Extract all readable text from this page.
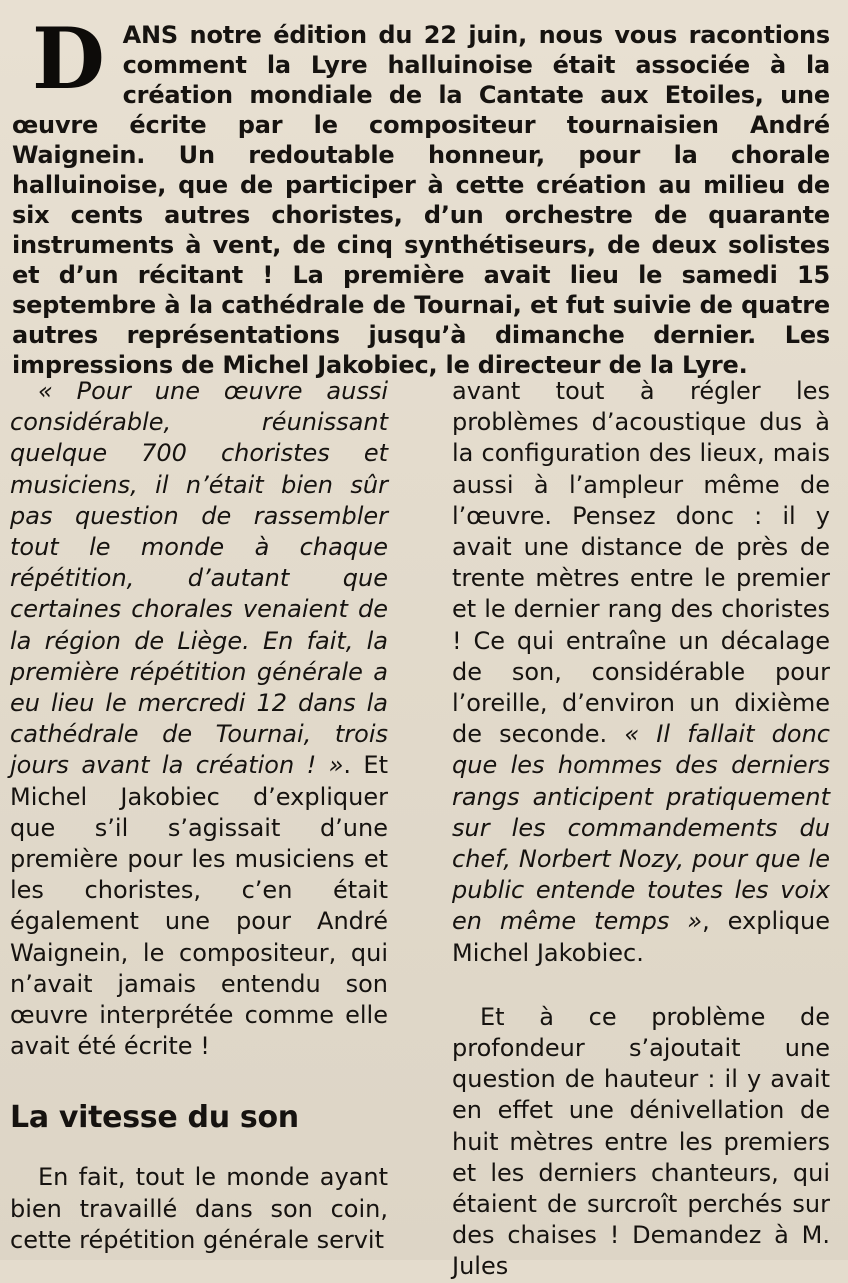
D ANS notre édition du 22 juin, nous vous racontions comment la Lyre halluinoise était associée à la création mondiale de la Cantate aux Etoiles, une œuvre écrite par le compositeur tournaisien André Waignein. Un redoutable honneur, pour la chorale halluinoise, que de participer à cette création au milieu de six cents autres choristes, d’un orchestre de quarante instruments à vent, de cinq synthétiseurs, de deux solistes et d’un récitant ! La première avait lieu le samedi 15 septembre à la cathédrale de Tournai, et fut suivie de quatre autres représentations jusqu’à dimanche dernier. Les impressions de Michel Jakobiec, le directeur de la Lyre.

« Pour une œuvre aussi considérable, réunissant quelque 700 choristes et musiciens, il n’était bien sûr pas question de rassembler tout le monde à chaque répétition, d’autant que certaines chorales venaient de la région de Liège. En fait, la première répétition générale a eu lieu le mercredi 12 dans la cathédrale de Tournai, trois jours avant la création ! ». Et Michel Jakobiec d’expliquer que s’il s’agissait d’une première pour les musiciens et les choristes, c’en était également une pour André Waignein, le compositeur, qui n’avait jamais entendu son œuvre interprétée comme elle avait été écrite !

La vitesse du son

En fait, tout le monde ayant bien travaillé dans son coin, cette répétition générale servit

avant tout à régler les problèmes d’acoustique dus à la configuration des lieux, mais aussi à l’ampleur même de l’œuvre. Pensez donc : il y avait une distance de près de trente mètres entre le premier et le dernier rang des choristes ! Ce qui entraîne un décalage de son, considérable pour l’oreille, d’environ un dixième de seconde. « Il fallait donc que les hommes des derniers rangs anticipent pratiquement sur les commandements du chef, Norbert Nozy, pour que le public entende toutes les voix en même temps », explique Michel Jakobiec.

Et à ce problème de profondeur s’ajoutait une question de hauteur : il y avait en effet une dénivellation de huit mètres entre les premiers et les derniers chanteurs, qui étaient de surcroît perchés sur des chaises ! Demandez à M. Jules
